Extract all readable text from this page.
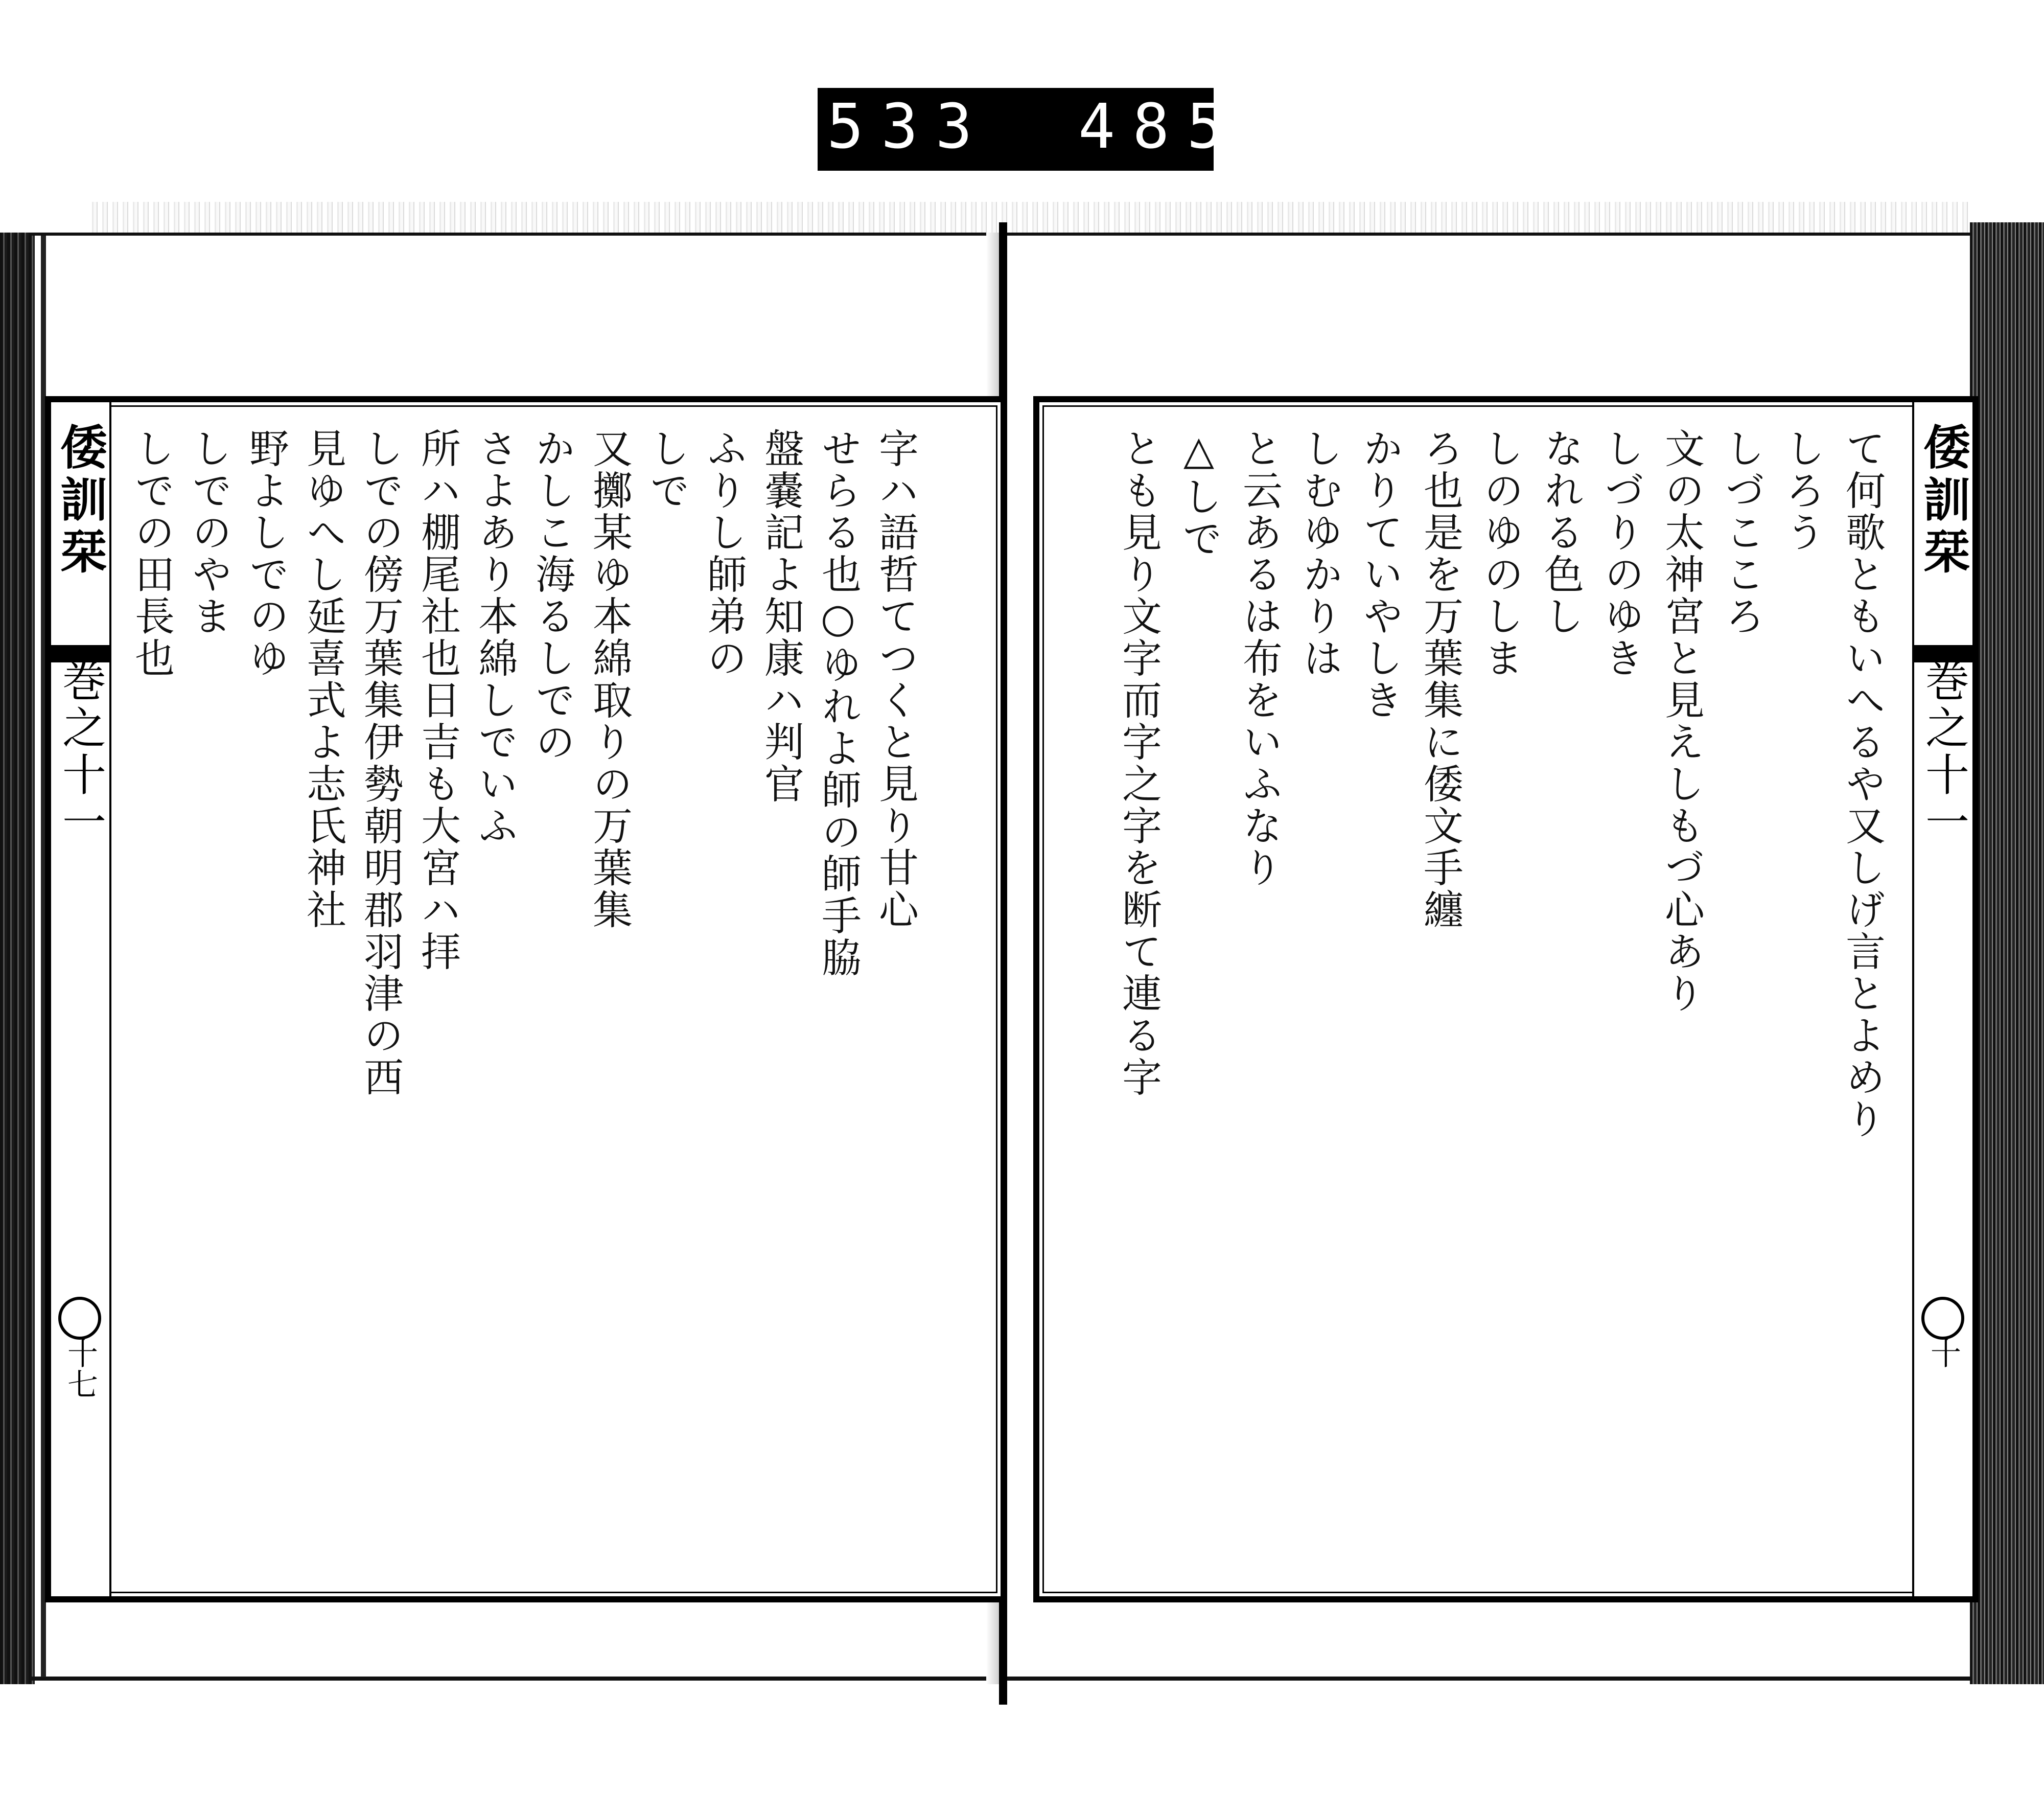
533 485.
倭訓栞
巻之十一
十七
字ハ語哲てつくと見り甘心
せらる也○ゆれよ師の師手脇
盤嚢記よ知康ハ判官
ふりし師弟の
しで
又擲某ゆ本綿取りの万葉集
かしこ海るしでの
さよあり本綿しでいふ
所ハ棚尾社也日吉も大宮ハ拝
しでの傍万葉集伊勢朝明郡羽津の西
見ゆへし延喜式よ志氏神社
野よしでのゆ
しでのやま
しでの田長也	倭訓栞
巻之十一
十
て何歌ともいへるや又しげ言とよめり
しろう
しづこころ
文の太神宮と見えしもづ心あり
しづりのゆき
なれる色し
しのゆのしま
ろ也是を万葉集に倭文手纏
かりていやしき
しむゆかりは
と云あるは布をいふなり
△しで
とも見り文字而字之字を断て連る字
